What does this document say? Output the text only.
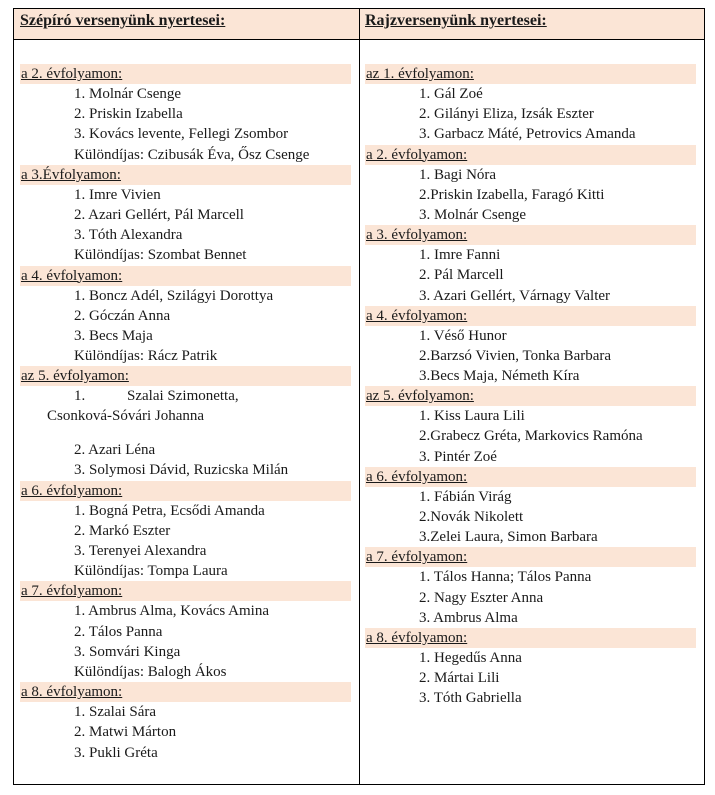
Szépíró versenyünk nyertesei:	Rajzversenyünk nyertesei:
a 2. évfolyamon:
1. Molnár Csenge
2. Priskin Izabella
3. Kovács levente, Fellegi Zsombor
Különdíjas: Czibusák Éva, Ősz Csenge
a 3.Évfolyamon:
1. Imre Vivien
2. Azari Gellért, Pál Marcell
3. Tóth Alexandra
Különdíjas: Szombat Bennet
a 4. évfolyamon:
1. Boncz Adél, Szilágyi Dorottya
2. Góczán Anna
3. Becs Maja
Különdíjas: Rácz Patrik
az 5. évfolyamon:
1.	Szalai Szimonetta,
Csonková-Sóvári Johanna
2. Azari Léna
3. Solymosi Dávid, Ruzicska Milán
a 6. évfolyamon:
1. Bogná Petra, Ecsődi Amanda
2. Markó Eszter
3. Terenyei Alexandra
Különdíjas: Tompa Laura
a 7. évfolyamon:
1. Ambrus Alma, Kovács Amina
2. Tálos Panna
3. Somvári Kinga
Különdíjas: Balogh Ákos
a 8. évfolyamon:
1. Szalai Sára
2. Matwi Márton
3. Pukli Gréta
az 1. évfolyamon:
1. Gál Zoé
2. Gilányi Eliza, Izsák Eszter
3. Garbacz Máté, Petrovics Amanda
a 2. évfolyamon:
1. Bagi Nóra
2.Priskin Izabella, Faragó Kitti
3. Molnár Csenge
a 3. évfolyamon:
1. Imre Fanni
2. Pál Marcell
3. Azari Gellért, Várnagy Valter
a 4. évfolyamon:
1. Véső Hunor
2.Barzsó Vivien, Tonka Barbara
3.Becs Maja, Németh Kíra
az 5. évfolyamon:
1. Kiss Laura Lili
2.Grabecz Gréta, Markovics Ramóna
3. Pintér Zoé
a 6. évfolyamon:
1. Fábián Virág
2.Novák Nikolett
3.Zelei Laura, Simon Barbara
a 7. évfolyamon:
1. Tálos Hanna; Tálos Panna
2. Nagy Eszter Anna
3. Ambrus Alma
a 8. évfolyamon:
1. Hegedűs Anna
2. Mártai Lili
3. Tóth Gabriella
